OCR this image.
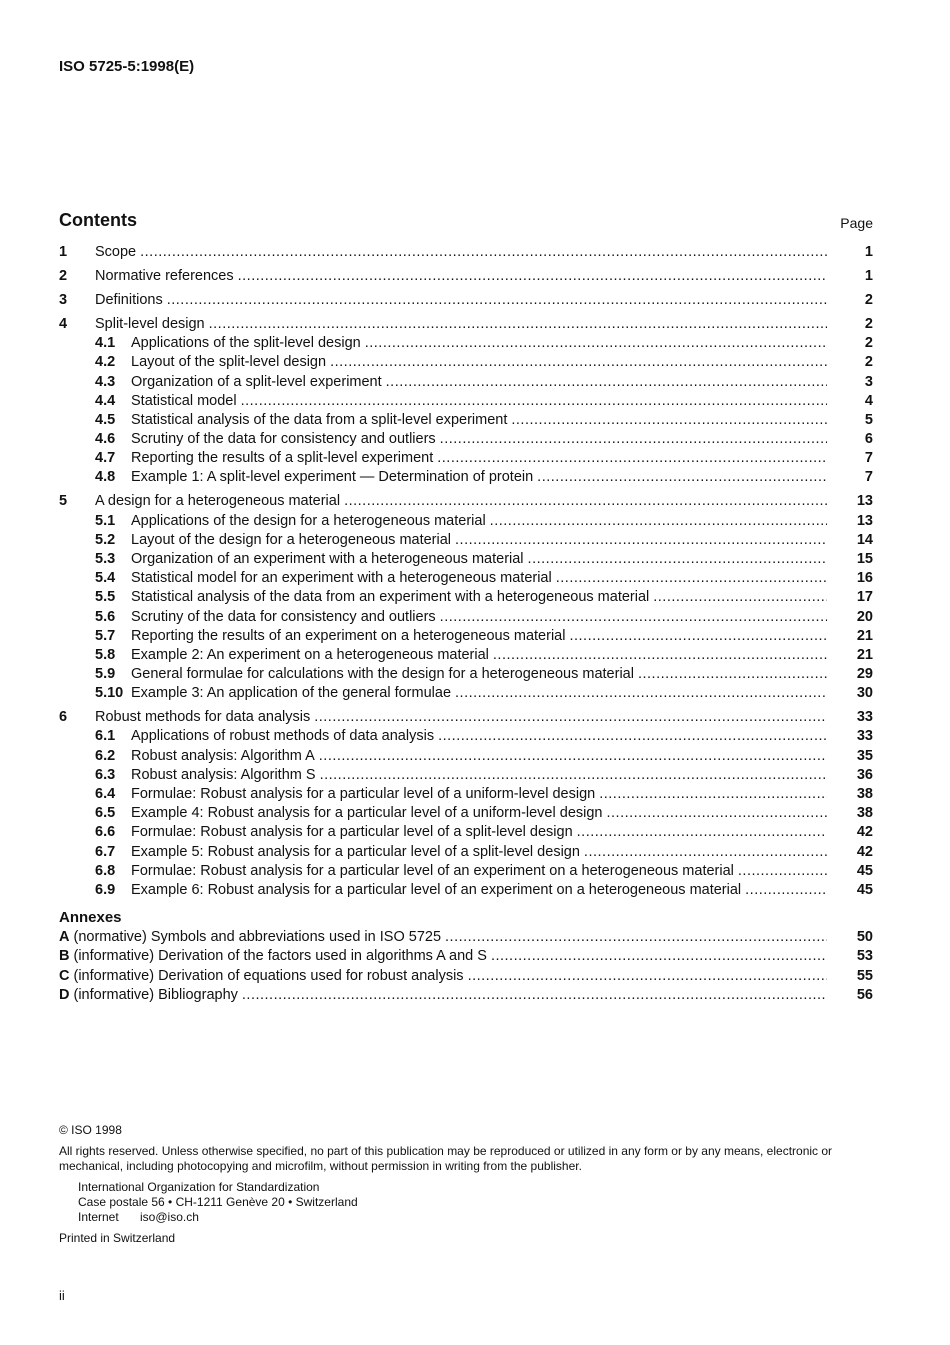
ISO 5725-5:1998(E)
Contents	Page
1	Scope .....	1
2	Normative references .....	1
3	Definitions .....	2
4	Split-level design .....	2
4.1	Applications of the split-level design .....	2
4.2	Layout of the split-level design .....	2
4.3	Organization of a split-level experiment .....	3
4.4	Statistical model .....	4
4.5	Statistical analysis of the data from a split-level experiment .....	5
4.6	Scrutiny of the data for consistency and outliers .....	6
4.7	Reporting the results of a split-level experiment .....	7
4.8	Example 1: A split-level experiment — Determination of protein .....	7
5	A design for a heterogeneous material .....	13
5.1	Applications of the design for a heterogeneous material .....	13
5.2	Layout of the design for a heterogeneous material .....	14
5.3	Organization of an experiment with a heterogeneous material .....	15
5.4	Statistical model for an experiment with a heterogeneous material .....	16
5.5	Statistical analysis of the data from an experiment with a heterogeneous material .....	17
5.6	Scrutiny of the data for consistency and outliers .....	20
5.7	Reporting the results of an experiment on a heterogeneous material .....	21
5.8	Example 2: An experiment on a heterogeneous material .....	21
5.9	General formulae for calculations with the design for a heterogeneous material .....	29
5.10 Example 3: An application of the general formulae .....	30
6	Robust methods for data analysis .....	33
6.1	Applications of robust methods of data analysis .....	33
6.2	Robust analysis: Algorithm A .....	35
6.3	Robust analysis: Algorithm S .....	36
6.4	Formulae: Robust analysis for a particular level of a uniform-level design .....	38
6.5	Example 4: Robust analysis for a particular level of a uniform-level design .....	38
6.6	Formulae: Robust analysis for a particular level of a split-level design .....	42
6.7	Example 5: Robust analysis for a particular level of a split-level design .....	42
6.8	Formulae: Robust analysis for a particular level of an experiment on a heterogeneous material .....	45
6.9	Example 6: Robust analysis for a particular level of an experiment on a heterogeneous material .....	45
Annexes
A (normative) Symbols and abbreviations used in ISO 5725 .....	50
B (informative) Derivation of the factors used in algorithms A and S .....	53
C (informative) Derivation of equations used for robust analysis .....	55
D (informative) Bibliography .....	56

© ISO 1998

All rights reserved. Unless otherwise specified, no part of this publication may be reproduced or utilized in any form or by any means, electronic or mechanical, including photocopying and microfilm, without permission in writing from the publisher.

International Organization for Standardization

Case postale 56 • CH-1211 Genève 20 • Switzerland

Internet iso@iso.ch

Printed in Switzerland

ii
